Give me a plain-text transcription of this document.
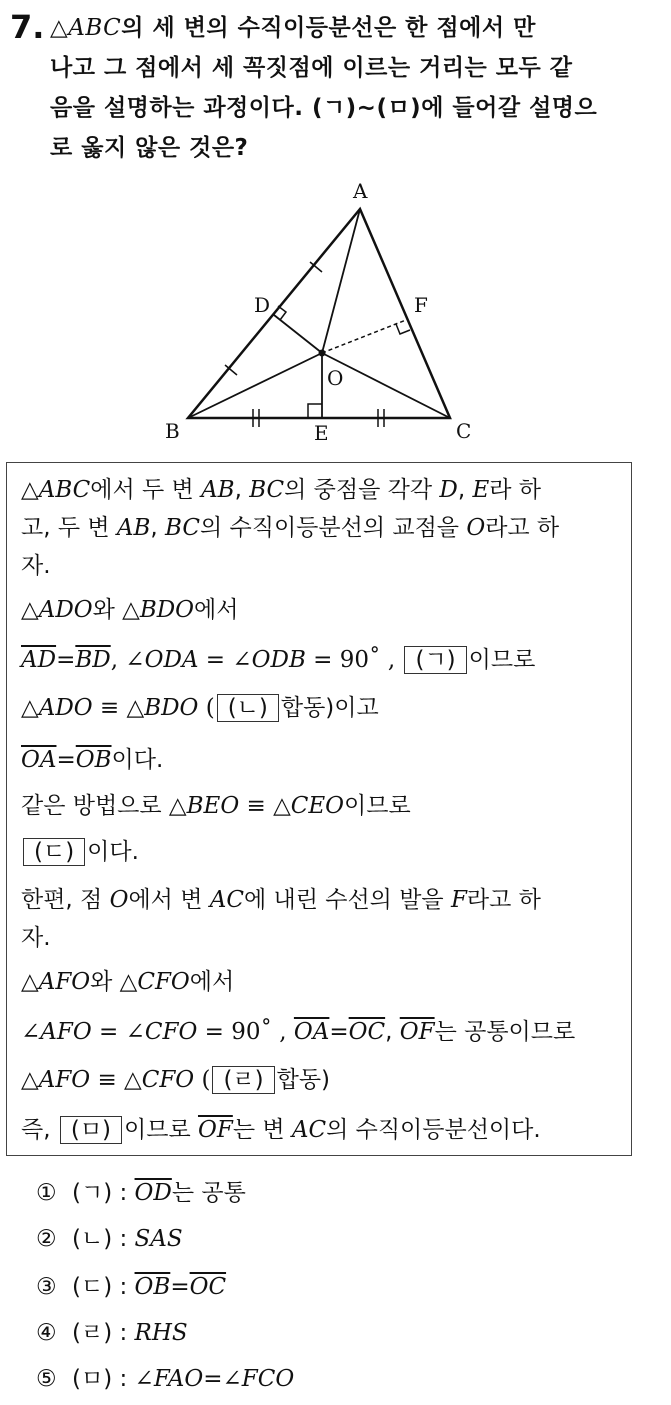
7. △ABC의 세 변의 수직이등분선은 한 점에서 만
나고 그 점에서 세 꼭짓점에 이르는 거리는 모두 같
음을 설명하는 과정이다. (ㄱ)~(ㅁ)에 들어갈 설명으
로 옳지 않은 것은?
A
B	C
D
E
F
O
△ABC에서 두 변 AB, BC의 중점을 각각 D, E라 하
고, 두 변 AB, BC의 수직이등분선의 교점을 O라고 하
자.
△ADO와 △BDO에서
$\overline{AD}=\overline{BD}$, ∠ODA = ∠ODB = 90˚ , (ㄱ) 이므로
△ADO ≡ △BDO ( (ㄴ) 합동)이고
$\overline{OA}=\overline{OB}$이다.
같은 방법으로 △BEO ≡ △CEO이므로
(ㄷ) 이다.
한편, 점 O에서 변 AC에 내린 수선의 발을 F라고 하
자.
△AFO와 △CFO에서
∠AFO = ∠CFO = 90˚ , $\overline{OA}=\overline{OC}$, $\overline{OF}$는 공통이므로
△AFO ≡ △CFO ( (ㄹ) 합동)
즉, (ㅁ) 이므로 $\overline{OF}$는 변 AC의 수직이등분선이다.
① (ㄱ) : $\overline{OD}$는 공통
② (ㄴ) : SAS
③ (ㄷ) : $\overline{OB}=\overline{OC}$
④ (ㄹ) : RHS
⑤ (ㅁ) : ∠FAO=∠FCO
